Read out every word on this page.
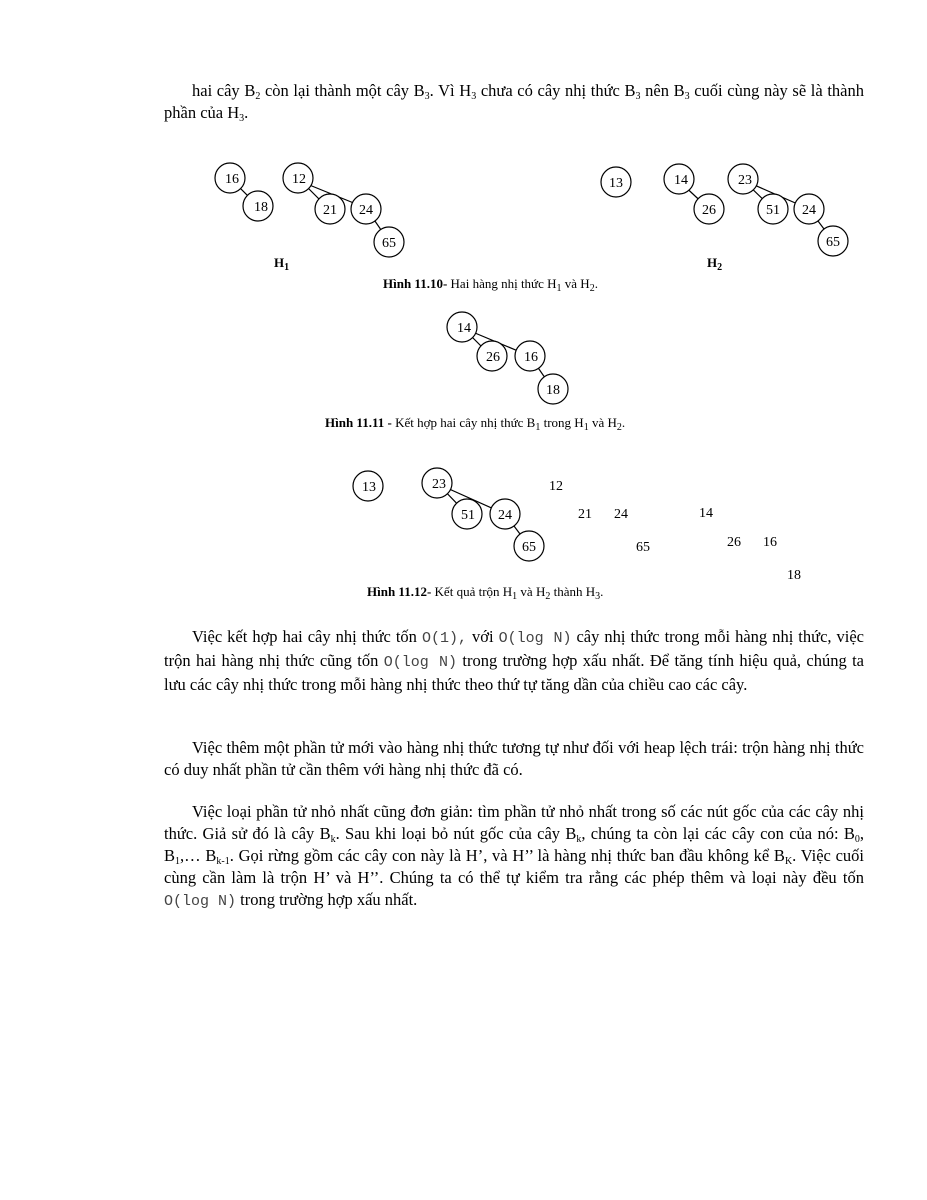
hai cây $B_2$ còn lại thành một cây $B_3$. Vì $H_3$ chưa có cây nhị thức $B_3$ nên $B_3$ cuối cùng này sẽ là thành phần của $H_3$.
16
18
12
21 24
65
13	14
26
23
51 24
65
14
26 16
18
13	23
51 24
65
12
21 24
65
14
26 16
18
$H_1$	$H_2$
Hình 11.10- Hai hàng nhị thức $H_1$ và $H_2$.
Hình 11.11 - Kết hợp hai cây nhị thức $B_1$ trong $H_1$ và $H_2$.
Hình 11.12- Kết quả trộn $H_1$ và $H_2$ thành $H_3$.
Việc kết hợp hai cây nhị thức tốn O(1), với O(log N) cây nhị thức trong mỗi hàng nhị thức, việc trộn hai hàng nhị thức cũng tốn O(log N) trong trường hợp xấu nhất. Để tăng tính hiệu quả, chúng ta lưu các cây nhị thức trong mỗi hàng nhị thức theo thứ tự tăng dần của chiều cao các cây.
Việc thêm một phần tử mới vào hàng nhị thức tương tự như đối với heap lệch trái: trộn hàng nhị thức có duy nhất phần tử cần thêm với hàng nhị thức đã có.
Việc loại phần tử nhỏ nhất cũng đơn giản: tìm phần tử nhỏ nhất trong số các nút gốc của các cây nhị thức. Giả sử đó là cây $B_k$. Sau khi loại bỏ nút gốc của cây $B_k$, chúng ta còn lại các cây con của nó: $B_0$, $B_1,\dots$ $B_{k-1}$. Gọi rừng gồm các cây con này là H’, và H’’ là hàng nhị thức ban đầu không kể $B_K$. Việc cuối cùng cần làm là trộn H’ và H’’. Chúng ta có thể tự kiểm tra rằng các phép thêm và loại này đều tốn O(log N) trong trường hợp xấu nhất.
